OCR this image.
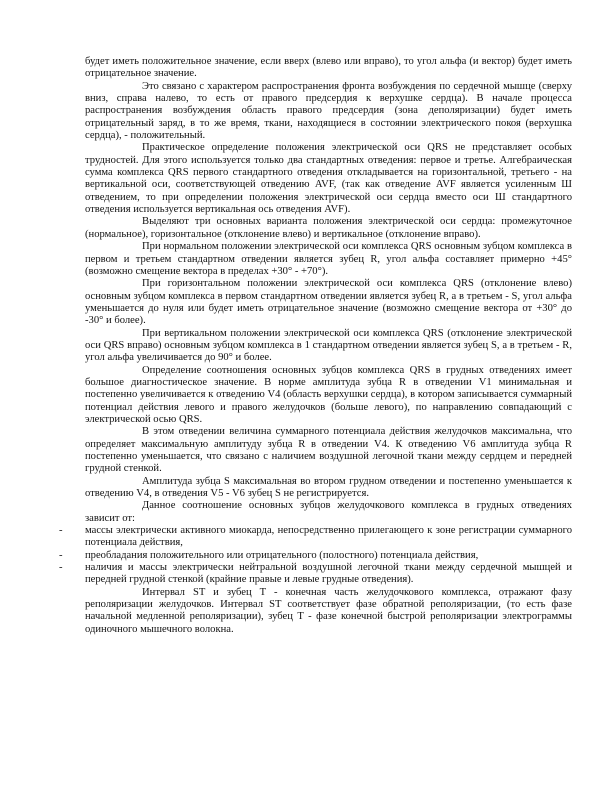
будет иметь положительное значение, если вверх (влево или вправо), то угол альфа (и вектор) будет иметь отрицательное значение.

Это связано с характером распространения фронта возбуждения по сердечной мышце (сверху вниз, справа налево, то есть от правого предсердия к верхушке сердца). В начале процесса распространения возбуждения область правого предсердия (зона деполяризации) будет иметь отрицательный заряд, в то же время, ткани, находящиеся в состоянии электрического покоя (верхушка сердца), - положительный.

Практическое определение положения электрической оси QRS не представляет особых трудностей. Для этого используется только два стандартных отведения: первое и третье. Алгебраическая сумма комплекса QRS первого стандартного отведения откладывается на горизонтальной, третьего - на вертикальной оси, соответствующей отведению AVF, (так как отведение AVF является усиленным Ш отведением, то при определении положения электрической оси сердца вместо оси Ш стандартного отведения используется вертикальная ось отведения AVF).

Выделяют три основных варианта положения электрической оси сердца: промежуточное (нормальное), горизонтальное (отклонение влево) и вертикальное (отклонение вправо).

При нормальном положении электрической оси комплекса QRS основным зубцом комплекса в первом и третьем стандартном отведении является зубец R, угол альфа составляет примерно +45° (возможно смещение вектора в пределах +30° - +70°).

При горизонтальном положении электрической оси комплекса QRS (отклонение влево) основным зубцом комплекса в первом стандартном отведении является зубец R, а в третьем - S, угол альфа уменьшается до нуля или будет иметь отрицательное значение (возможно смещение вектора от +30° до -30° и более).

При вертикальном положении электрической оси комплекса QRS (отклонение электрической оси QRS вправо) основным зубцом комплекса в 1 стандартном отведении является зубец S, а в третьем - R, угол альфа увеличивается до 90° и более.

Определение соотношения основных зубцов комплекса QRS в грудных отведениях имеет большое диагностическое значение. В норме амплитуда зубца R в отведении V1 минимальная и постепенно увеличивается к отведению V4 (область верхушки сердца), в котором записывается суммарный потенциал действия левого и правого желудочков (больше левого), по направлению совпадающий с электрической осью QRS.

В этом отведении величина суммарного потенциала действия желудочков максимальна, что определяет максимальную амплитуду зубца R в отведении V4. К отведению V6 амплитуда зубца R постепенно уменьшается, что связано с наличием воздушной легочной ткани между сердцем и передней грудной стенкой.

Амплитуда зубца S максимальная во втором грудном отведении и постепенно уменьшается к отведению V4, в отведения V5 - V6 зубец S не регистрируется.

Данное соотношение основных зубцов желудочкового комплекса в грудных отведениях зависит от:

- массы электрически активного миокарда, непосредственно прилегающего к зоне регистрации суммарного потенциала действия,
- преобладания положительного или отрицательного (полостного) потенциала действия,
- наличия и массы электрически нейтральной воздушной легочной ткани между сердечной мышцей и передней грудной стенкой (крайние правые и левые грудные отведения).

Интервал ST и зубец T - конечная часть желудочкового комплекса, отражают фазу реполяризации желудочков. Интервал ST соответствует фазе обратной реполяризации, (то есть фазе начальной медленной реполяризации), зубец T - фазе конечной быстрой реполяризации электрограммы одиночного мышечного волокна.
